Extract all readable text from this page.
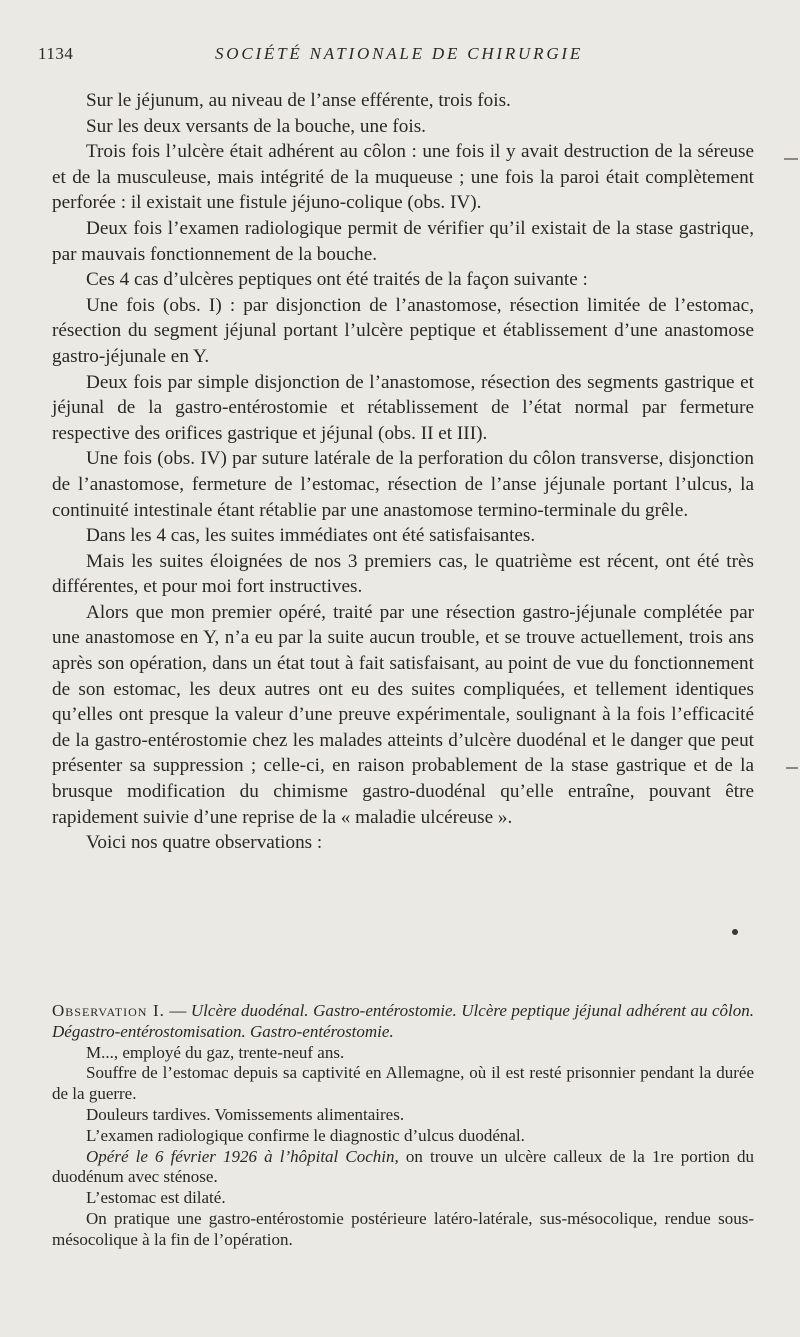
1134	SOCIÉTÉ NATIONALE DE CHIRURGIE

Sur le jéjunum, au niveau de l’anse efférente, trois fois.

Sur les deux versants de la bouche, une fois.

Trois fois l’ulcère était adhérent au côlon : une fois il y avait destruction de la séreuse et de la musculeuse, mais intégrité de la muqueuse ; une fois la paroi était complètement perforée : il existait une fistule jéjuno-colique (obs. IV).

Deux fois l’examen radiologique permit de vérifier qu’il existait de la stase gastrique, par mauvais fonctionnement de la bouche.

Ces 4 cas d’ulcères peptiques ont été traités de la façon suivante :

Une fois (obs. I) : par disjonction de l’anastomose, résection limitée de l’estomac, résection du segment jéjunal portant l’ulcère peptique et établissement d’une anastomose gastro-jéjunale en Y.

Deux fois par simple disjonction de l’anastomose, résection des segments gastrique et jéjunal de la gastro-entérostomie et rétablissement de l’état normal par fermeture respective des orifices gastrique et jéjunal (obs. II et III).

Une fois (obs. IV) par suture latérale de la perforation du côlon transverse, disjonction de l’anastomose, fermeture de l’estomac, résection de l’anse jéjunale portant l’ulcus, la continuité intestinale étant rétablie par une anastomose termino-terminale du grêle.

Dans les 4 cas, les suites immédiates ont été satisfaisantes.

Mais les suites éloignées de nos 3 premiers cas, le quatrième est récent, ont été très différentes, et pour moi fort instructives.

Alors que mon premier opéré, traité par une résection gastro-jéjunale complétée par une anastomose en Y, n’a eu par la suite aucun trouble, et se trouve actuellement, trois ans après son opération, dans un état tout à fait satisfaisant, au point de vue du fonctionnement de son estomac, les deux autres ont eu des suites compliquées, et tellement identiques qu’elles ont presque la valeur d’une preuve expérimentale, soulignant à la fois l’efficacité de la gastro-entérostomie chez les malades atteints d’ulcère duodénal et le danger que peut présenter sa suppression ; celle-ci, en raison probablement de la stase gastrique et de la brusque modification du chimisme gastro-duodénal qu’elle entraîne, pouvant être rapidement suivie d’une reprise de la « maladie ulcéreuse ».

Voici nos quatre observations :

Observation I. — Ulcère duodénal. Gastro-entérostomie. Ulcère peptique jéjunal adhérent au côlon. Dégastro-entérostomisation. Gastro-entérostomie.

M..., employé du gaz, trente-neuf ans.

Souffre de l’estomac depuis sa captivité en Allemagne, où il est resté prisonnier pendant la durée de la guerre.

Douleurs tardives. Vomissements alimentaires.

L’examen radiologique confirme le diagnostic d’ulcus duodénal.

Opéré le 6 février 1926 à l’hôpital Cochin, on trouve un ulcère calleux de la 1re portion du duodénum avec sténose.

L’estomac est dilaté.

On pratique une gastro-entérostomie postérieure latéro-latérale, sus-mésocolique, rendue sous-mésocolique à la fin de l’opération.
